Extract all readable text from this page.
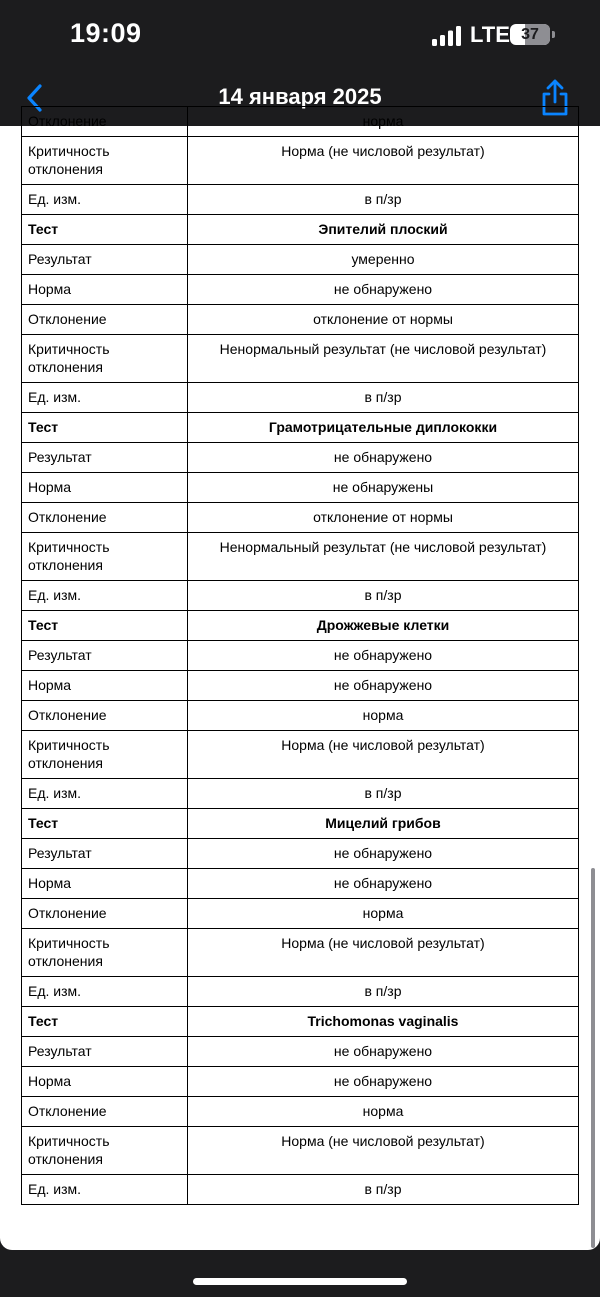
19:09	LTE 37
14 января 2025
Отклонение	норма
Критичность отклонения	Норма (не числовой результат)
Ед. изм.	в п/зр
Тест	Эпителий плоский
Результат	умеренно
Норма	не обнаружено
Отклонение	отклонение от нормы
Критичность отклонения	Ненормальный результат (не числовой результат)
Ед. изм.	в п/зр
Тест	Грамотрицательные диплококки
Результат	не обнаружено
Норма	не обнаружены
Отклонение	отклонение от нормы
Критичность отклонения	Ненормальный результат (не числовой результат)
Ед. изм.	в п/зр
Тест	Дрожжевые клетки
Результат	не обнаружено
Норма	не обнаружено
Отклонение	норма
Критичность отклонения	Норма (не числовой результат)
Ед. изм.	в п/зр
Тест	Мицелий грибов
Результат	не обнаружено
Норма	не обнаружено
Отклонение	норма
Критичность отклонения	Норма (не числовой результат)
Ед. изм.	в п/зр
Тест	Trichomonas vaginalis
Результат	не обнаружено
Норма	не обнаружено
Отклонение	норма
Критичность отклонения	Норма (не числовой результат)
Ед. изм.	в п/зр
